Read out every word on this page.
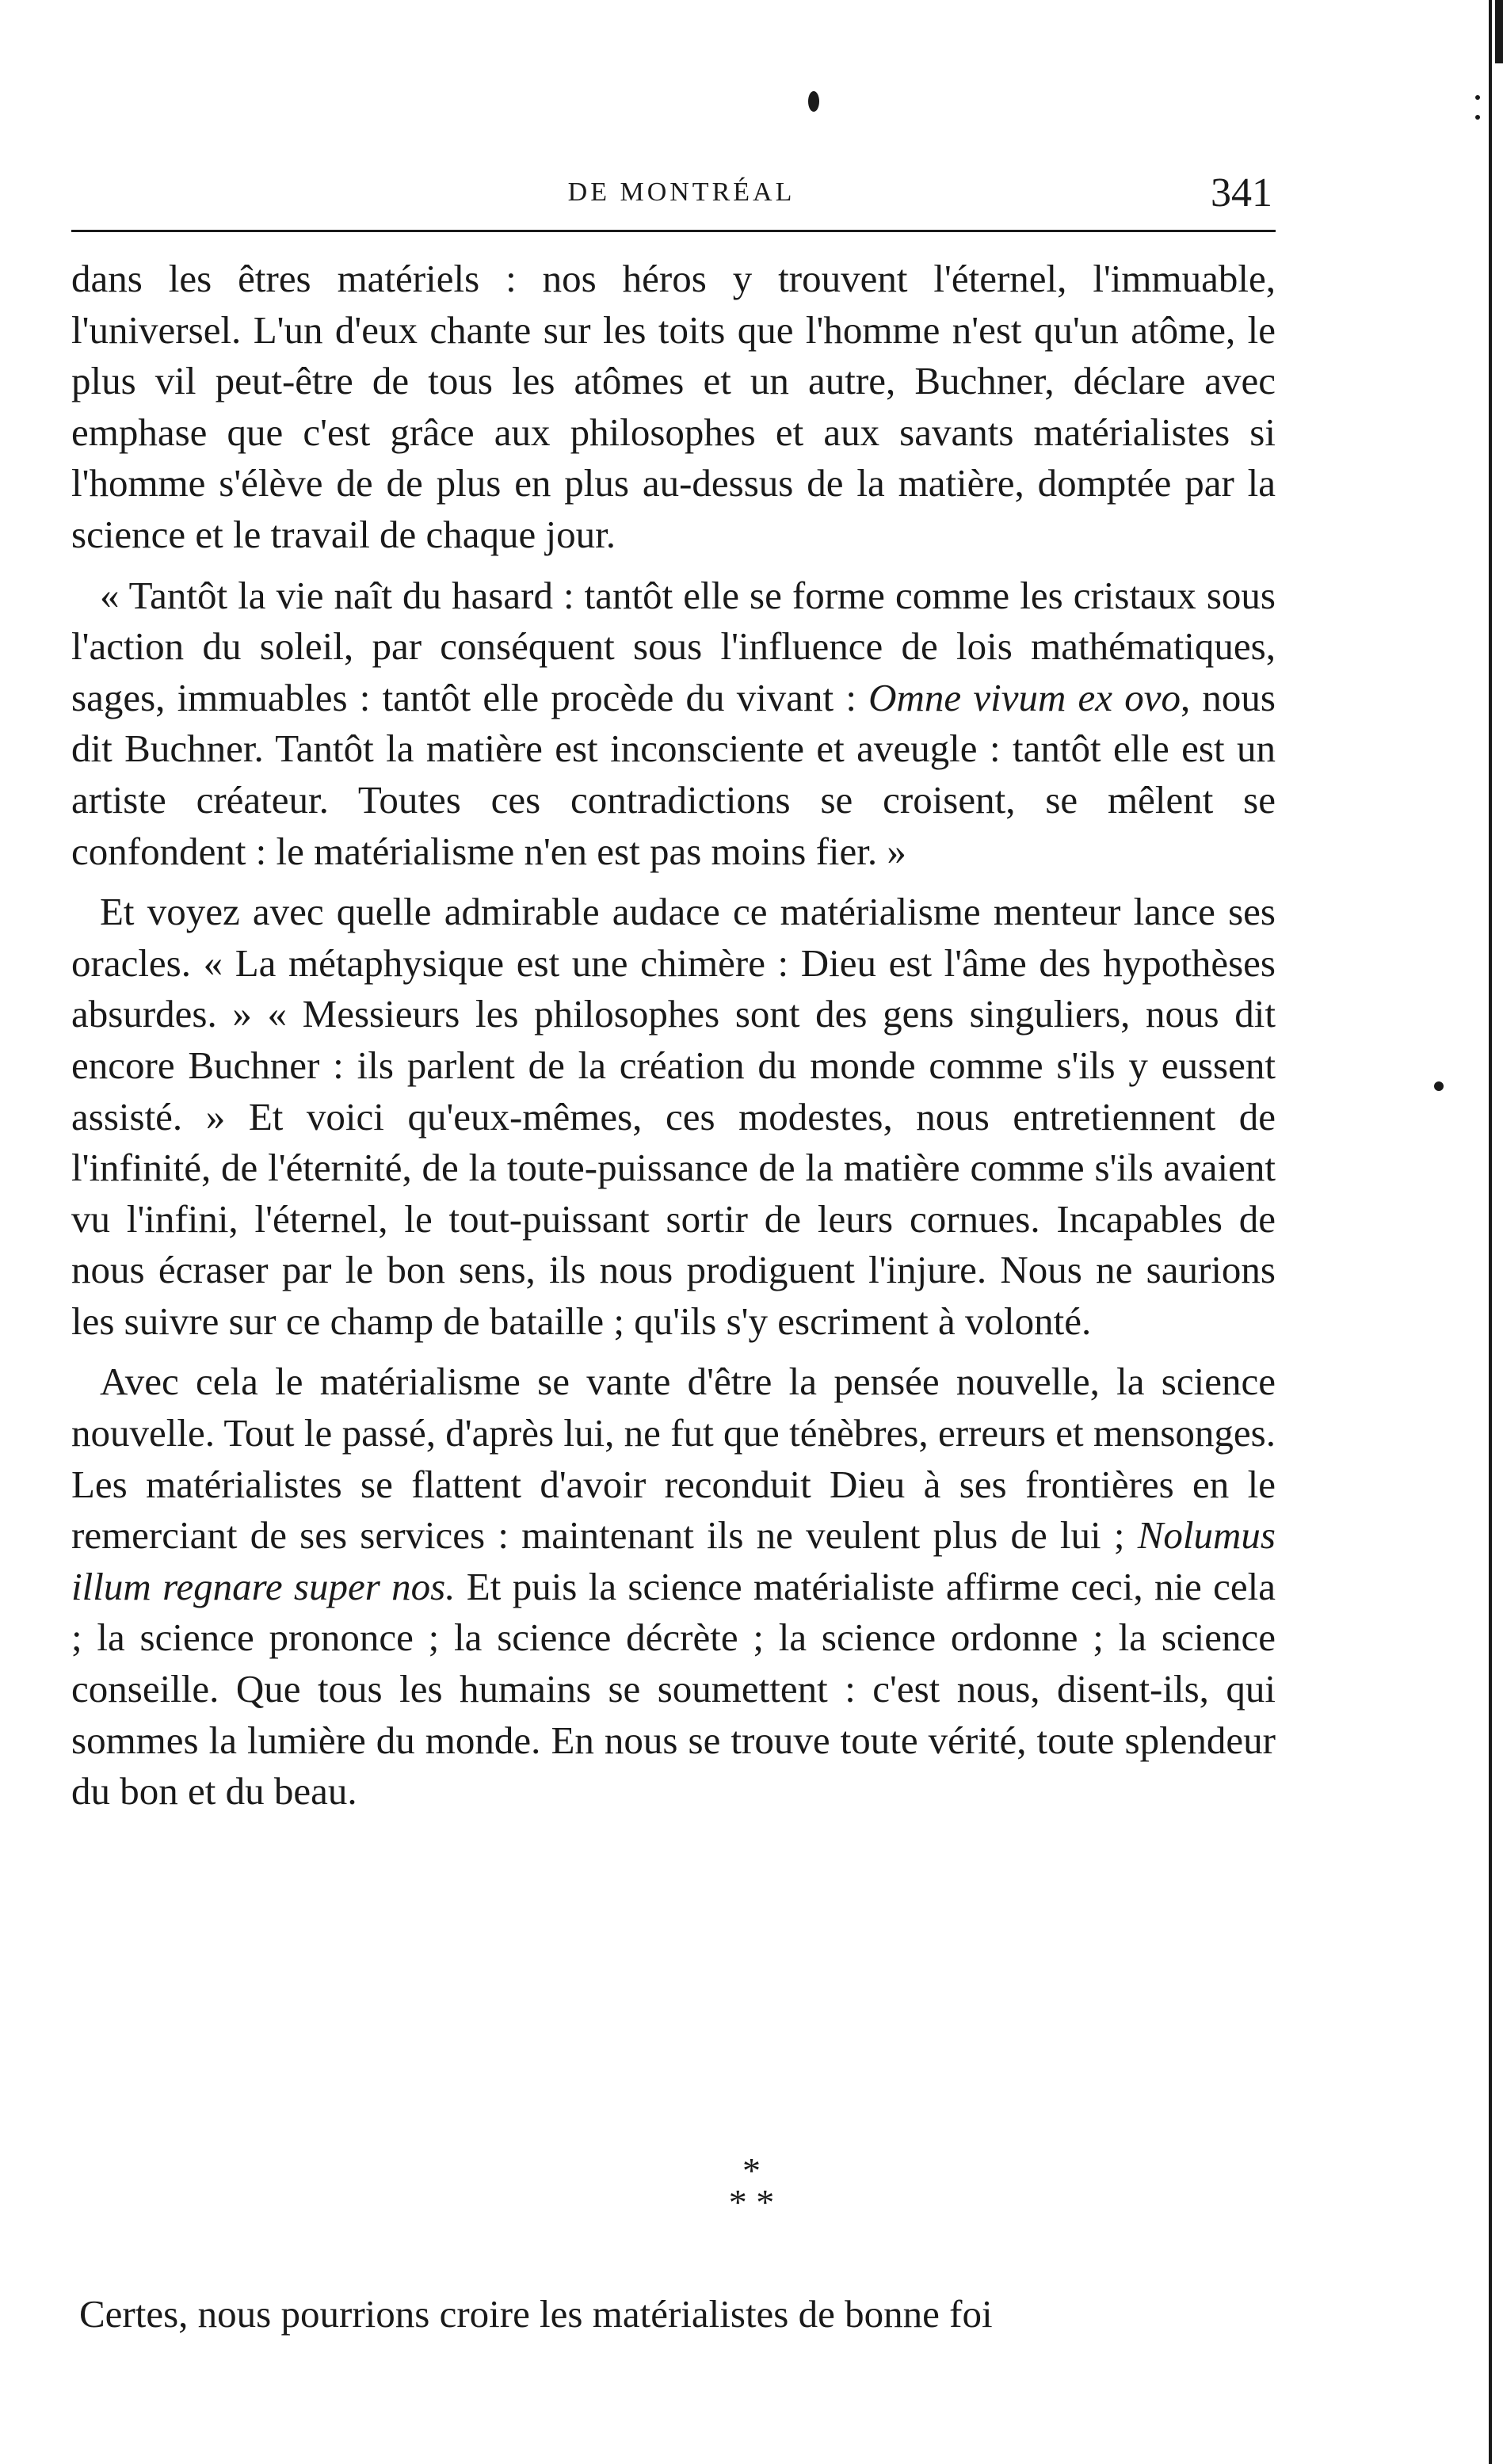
DE MONTRÉAL	341

dans les êtres matériels : nos héros y trouvent l'éternel, l'immuable, l'universel. L'un d'eux chante sur les toits que l'homme n'est qu'un atôme, le plus vil peut-être de tous les atômes et un autre, Buchner, déclare avec emphase que c'est grâce aux philosophes et aux savants matérialistes si l'homme s'élève de de plus en plus au-dessus de la matière, domptée par la science et le travail de chaque jour.

« Tantôt la vie naît du hasard : tantôt elle se forme comme les cristaux sous l'action du soleil, par conséquent sous l'influence de lois mathématiques, sages, immuables : tantôt elle procède du vivant : Omne vivum ex ovo, nous dit Buchner. Tantôt la matière est inconsciente et aveugle : tantôt elle est un artiste créateur. Toutes ces contradictions se croisent, se mêlent se confondent : le matérialisme n'en est pas moins fier. »

Et voyez avec quelle admirable audace ce matérialisme menteur lance ses oracles. « La métaphysique est une chimère : Dieu est l'âme des hypothèses absurdes. » « Messieurs les philosophes sont des gens singuliers, nous dit encore Buchner : ils parlent de la création du monde comme s'ils y eussent assisté. » Et voici qu'eux-mêmes, ces modestes, nous entretiennent de l'infinité, de l'éternité, de la toute-puissance de la matière comme s'ils avaient vu l'infini, l'éternel, le tout-puissant sortir de leurs cornues. Incapables de nous écraser par le bon sens, ils nous prodiguent l'injure. Nous ne saurions les suivre sur ce champ de bataille ; qu'ils s'y escriment à volonté.

Avec cela le matérialisme se vante d'être la pensée nouvelle, la science nouvelle. Tout le passé, d'après lui, ne fut que ténèbres, erreurs et mensonges. Les matérialistes se flattent d'avoir reconduit Dieu à ses frontières en le remerciant de ses services : maintenant ils ne veulent plus de lui ; Nolumus illum regnare super nos. Et puis la science matérialiste affirme ceci, nie cela ; la science prononce ; la science décrète ; la science ordonne ; la science conseille. Que tous les humains se soumettent : c'est nous, disent-ils, qui sommes la lumière du monde. En nous se trouve toute vérité, toute splendeur du bon et du beau.

*
* *

Certes, nous pourrions croire les matérialistes de bonne foi
